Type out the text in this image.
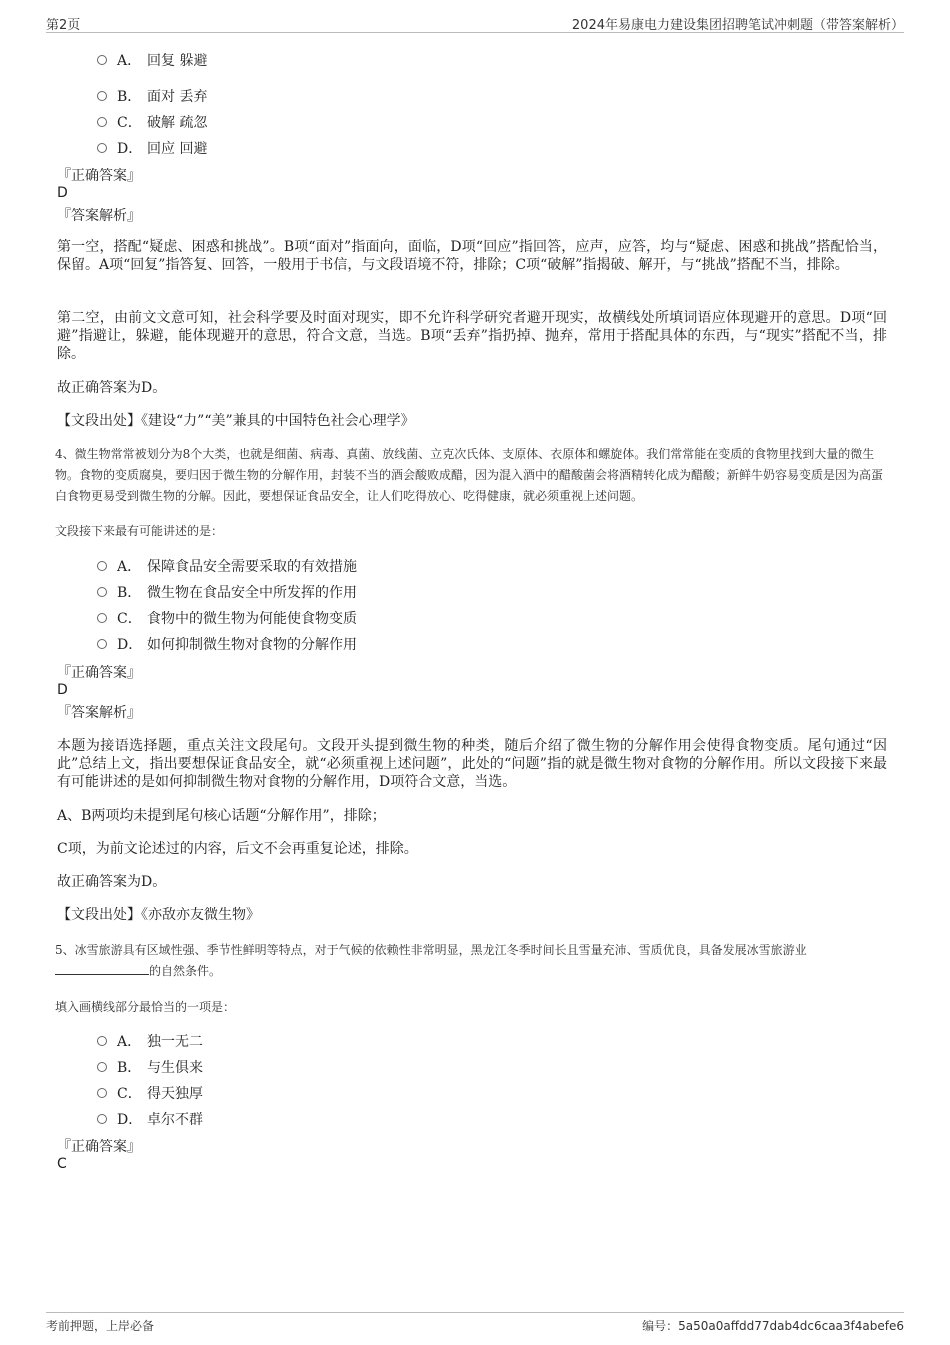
第2页	2024年易康电力建设集团招聘笔试冲刺题（带答案解析）
A． 回复 躲避
B． 面对 丢弃
C． 破解 疏忽
D． 回应 回避
『正确答案』
D
『答案解析』
第一空，搭配“疑虑、困惑和挑战”。B项“面对”指面向，面临，D项“回应”指回答，应声，应答，均与“疑虑、困惑和挑战”搭配恰当，保留。A项“回复”指答复、回答，一般用于书信，与文段语境不符，排除；C项“破解”指揭破、解开，与“挑战”搭配不当，排除。
第二空，由前文文意可知，社会科学要及时面对现实，即不允许科学研究者避开现实，故横线处所填词语应体现避开的意思。D项“回避”指避让，躲避，能体现避开的意思，符合文意，当选。B项“丢弃”指扔掉、抛弃，常用于搭配具体的东西，与“现实”搭配不当，排除。
故正确答案为D。
【文段出处】《建设“力”“美”兼具的中国特色社会心理学》
4、微生物常常被划分为8个大类，也就是细菌、病毒、真菌、放线菌、立克次氏体、支原体、衣原体和螺旋体。我们常常能在变质的食物里找到大量的微生物。食物的变质腐臭，要归因于微生物的分解作用，封装不当的酒会酸败成醋，因为混入酒中的醋酸菌会将酒精转化成为醋酸；新鲜牛奶容易变质是因为高蛋白食物更易受到微生物的分解。因此，要想保证食品安全，让人们吃得放心、吃得健康，就必须重视上述问题。
文段接下来最有可能讲述的是：
A． 保障食品安全需要采取的有效措施
B． 微生物在食品安全中所发挥的作用
C． 食物中的微生物为何能使食物变质
D． 如何抑制微生物对食物的分解作用
『正确答案』
D
『答案解析』
本题为接语选择题，重点关注文段尾句。文段开头提到微生物的种类，随后介绍了微生物的分解作用会使得食物变质。尾句通过“因此”总结上文，指出要想保证食品安全，就“必须重视上述问题”，此处的“问题”指的就是微生物对食物的分解作用。所以文段接下来最有可能讲述的是如何抑制微生物对食物的分解作用，D项符合文意，当选。
A、B两项均未提到尾句核心话题“分解作用”，排除；
C项，为前文论述过的内容，后文不会再重复论述，排除。
故正确答案为D。
【文段出处】《亦敌亦友微生物》
5、冰雪旅游具有区域性强、季节性鲜明等特点，对于气候的依赖性非常明显，黑龙江冬季时间长且雪量充沛、雪质优良，具备发展冰雪旅游业的自然条件。
填入画横线部分最恰当的一项是：
A． 独一无二
B． 与生俱来
C． 得天独厚
D． 卓尔不群
『正确答案』
C
考前押题，上岸必备	编号：5a50a0affdd77dab4dc6caa3f4abefe6
